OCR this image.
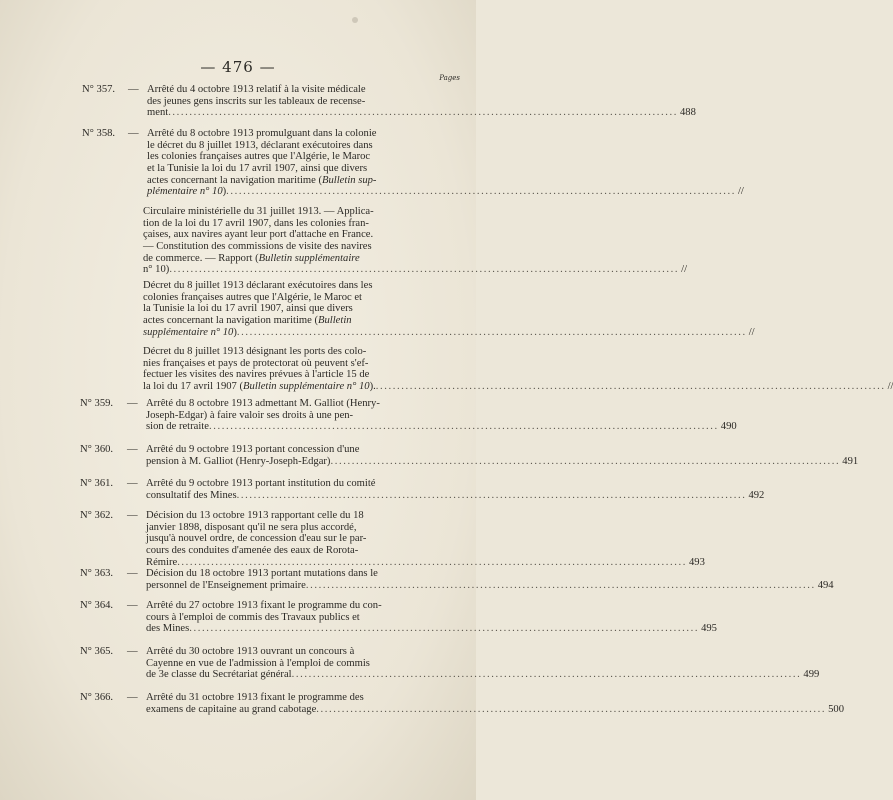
— 476 —
Pages
N° 357. — Arrêté du 4 octobre 1913 relatif à la visite médicale
des jeunes gens inscrits sur les tableaux de recense-
ment ........................................................................................................................ 488
N° 358. — Arrêté du 8 octobre 1913 promulguant dans la colonie
le décret du 8 juillet 1913, déclarant exécutoires dans
les colonies françaises autres que l'Algérie, le Maroc
et la Tunisie la loi du 17 avril 1907, ainsi que divers
actes concernant la navigation maritime (Bulletin sup-
plémentaire n° 10) ........................................................................................................................ //
Circulaire ministérielle du 31 juillet 1913. — Applica-
tion de la loi du 17 avril 1907, dans les colonies fran-
çaises, aux navires ayant leur port d'attache en France.
— Constitution des commissions de visite des navires
de commerce. — Rapport (Bulletin supplémentaire
n° 10) ........................................................................................................................ //
Décret du 8 juillet 1913 déclarant exécutoires dans les
colonies françaises autres que l'Algérie, le Maroc et
la Tunisie la loi du 17 avril 1907, ainsi que divers
actes concernant la navigation maritime (Bulletin
supplémentaire n° 10) ........................................................................................................................ //
Décret du 8 juillet 1913 désignant les ports des colo-
nies françaises et pays de protectorat où peuvent s'ef-
fectuer les visites des navires prévues à l'article 15 de
la loi du 17 avril 1907 (Bulletin supplémentaire n° 10). ........................................................................................................................ //
N° 359. — Arrêté du 8 octobre 1913 admettant M. Galliot (Henry-
Joseph-Edgar) à faire valoir ses droits à une pen-
sion de retraite ........................................................................................................................ 490
N° 360. — Arrêté du 9 octobre 1913 portant concession d'une
pension à M. Galliot (Henry-Joseph-Edgar) ........................................................................................................................ 491
N° 361. — Arrêté du 9 octobre 1913 portant institution du comité
consultatif des Mines ........................................................................................................................ 492
N° 362. — Décision du 13 octobre 1913 rapportant celle du 18
janvier 1898, disposant qu'il ne sera plus accordé,
jusqu'à nouvel ordre, de concession d'eau sur le par-
cours des conduites d'amenée des eaux de Rorota-
Rémire ........................................................................................................................ 493
N° 363. — Décision du 18 octobre 1913 portant mutations dans le
personnel de l'Enseignement primaire ........................................................................................................................ 494
N° 364. — Arrêté du 27 octobre 1913 fixant le programme du con-
cours à l'emploi de commis des Travaux publics et
des Mines ........................................................................................................................ 495
N° 365. — Arrêté du 30 octobre 1913 ouvrant un concours à
Cayenne en vue de l'admission à l'emploi de commis
de 3e classe du Secrétariat général ........................................................................................................................ 499
N° 366. — Arrêté du 31 octobre 1913 fixant le programme des
examens de capitaine au grand cabotage ........................................................................................................................ 500
